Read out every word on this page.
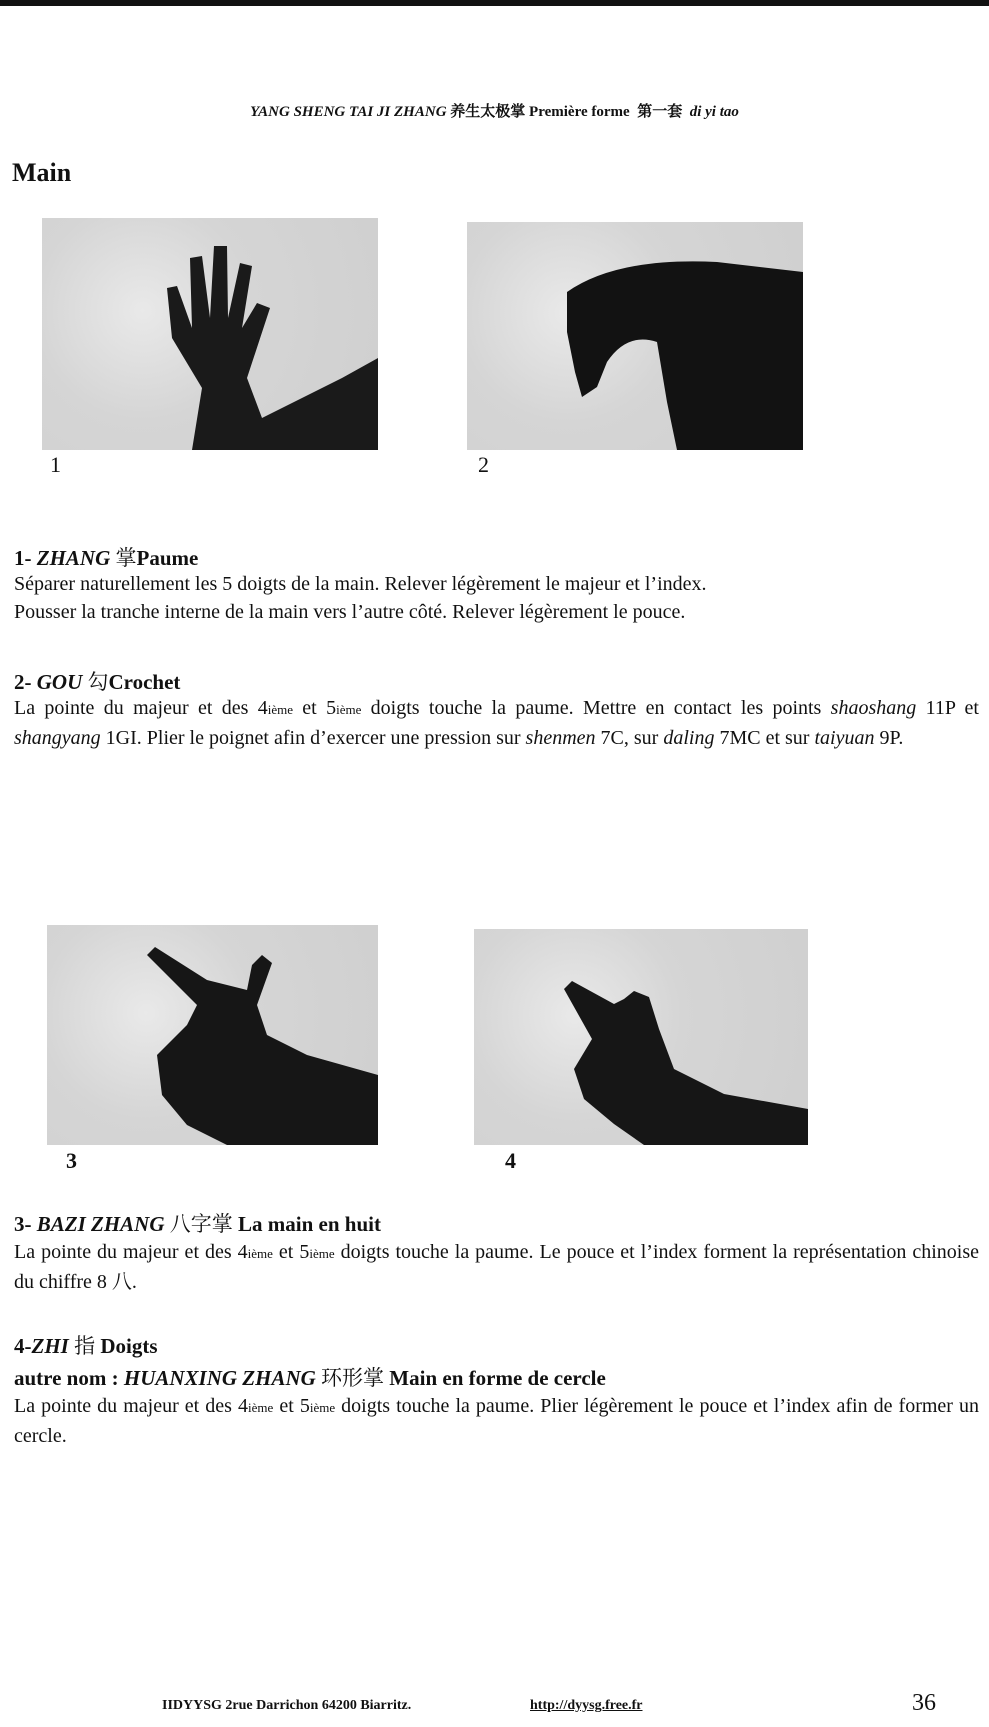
YANG SHENG TAI JI ZHANG 养生太极掌 Première forme 第一套 di yi tao
Main
1	2
1- ZHANG 掌Paume
Séparer naturellement les 5 doigts de la main. Relever légèrement le majeur et l’index.
Pousser la tranche interne de la main vers l’autre côté. Relever légèrement le pouce.
2- GOU 勾Crochet
La pointe du majeur et des 4ième et 5ième doigts touche la paume. Mettre en contact les points shaoshang 11P et shangyang 1GI. Plier le poignet afin d’exercer une pression sur shenmen 7C, sur daling 7MC et sur taiyuan 9P.
3	4
3- BAZI ZHANG 八字掌 La main en huit
La pointe du majeur et des 4ième et 5ième doigts touche la paume. Le pouce et l’index forment la représentation chinoise du chiffre 8 八.
4-ZHI 指 Doigts
autre nom : HUANXING ZHANG 环形掌 Main en forme de cercle
La pointe du majeur et des 4ième et 5ième doigts touche la paume. Plier légèrement le pouce et l’index afin de former un cercle.
IIDYYSG 2rue Darrichon 64200 Biarritz.	http://dyysg.free.fr	36
